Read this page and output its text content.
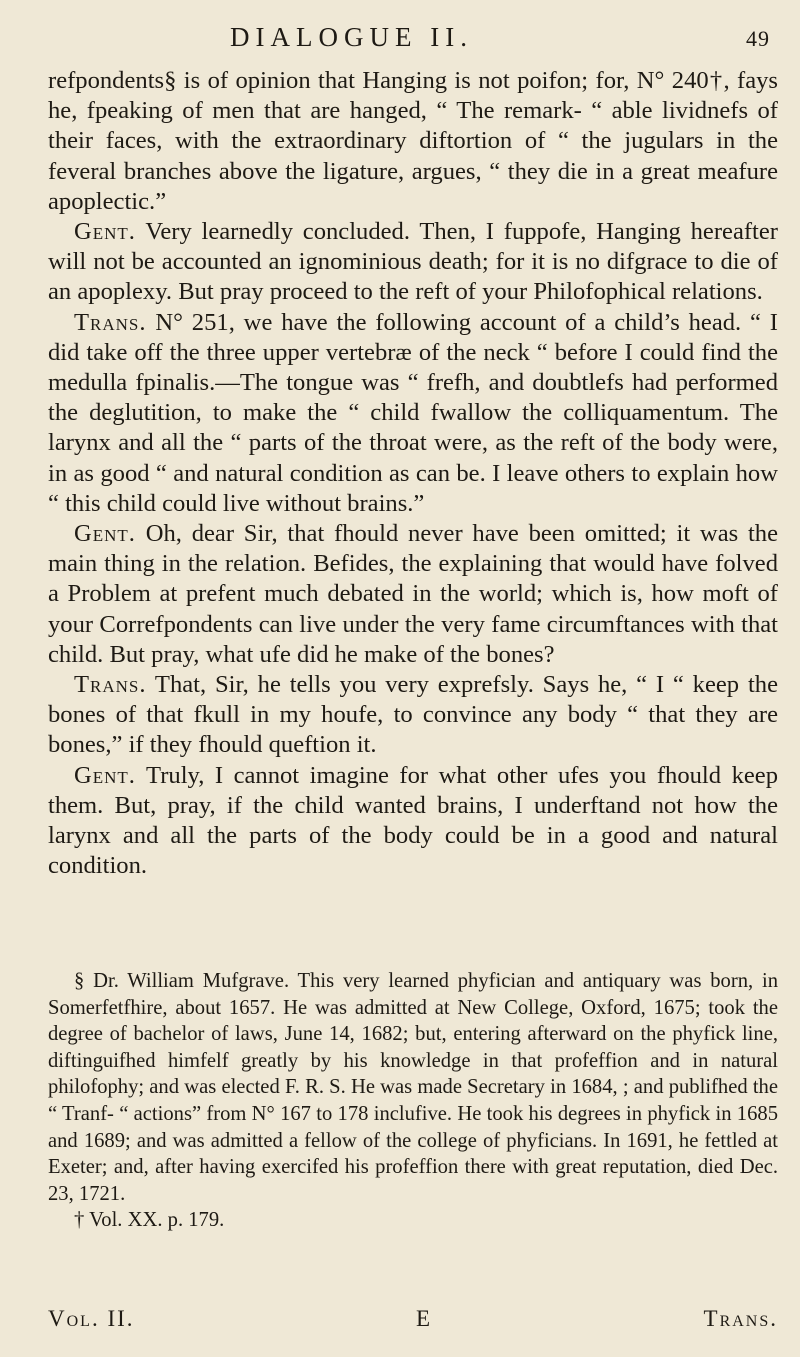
DIALOGUE II.	49

refpondents§ is of opinion that Hanging is not poifon; for, N° 240†, fays he, fpeaking of men that are hanged, “ The remark- “ able lividnefs of their faces, with the extraordinary diftortion of “ the jugulars in the feveral branches above the ligature, argues, “ they die in a great meafure apoplectic.”

Gent. Very learnedly concluded. Then, I fuppofe, Hanging hereafter will not be accounted an ignominious death; for it is no difgrace to die of an apoplexy. But pray proceed to the reft of your Philofophical relations.

Trans. N° 251, we have the following account of a child’s head. “ I did take off the three upper vertebræ of the neck “ before I could find the medulla fpinalis.—The tongue was “ frefh, and doubtlefs had performed the deglutition, to make the “ child fwallow the colliquamentum. The larynx and all the “ parts of the throat were, as the reft of the body were, in as good “ and natural condition as can be. I leave others to explain how “ this child could live without brains.”

Gent. Oh, dear Sir, that fhould never have been omitted; it was the main thing in the relation. Befides, the explaining that would have folved a Problem at prefent much debated in the world; which is, how moft of your Correfpondents can live under the very fame circumftances with that child. But pray, what ufe did he make of the bones?

Trans. That, Sir, he tells you very exprefsly. Says he, “ I “ keep the bones of that fkull in my houfe, to convince any body “ that they are bones,” if they fhould queftion it.

Gent. Truly, I cannot imagine for what other ufes you fhould keep them. But, pray, if the child wanted brains, I underftand not how the larynx and all the parts of the body could be in a good and natural condition.

§ Dr. William Mufgrave. This very learned phyfician and antiquary was born, in Somerfetfhire, about 1657. He was admitted at New College, Oxford, 1675; took the degree of bachelor of laws, June 14, 1682; but, entering afterward on the phyfick line, diftinguifhed himfelf greatly by his knowledge in that profeffion and in natural philofophy; and was elected F. R. S. He was made Secretary in 1684, ; and publifhed the “ Tranf- “ actions” from N° 167 to 178 inclufive. He took his degrees in phyfick in 1685 and 1689; and was admitted a fellow of the college of phyficians. In 1691, he fettled at Exeter; and, after having exercifed his profeffion there with great reputation, died Dec. 23, 1721.

† Vol. XX. p. 179.

Vol. II.	E	Trans.
